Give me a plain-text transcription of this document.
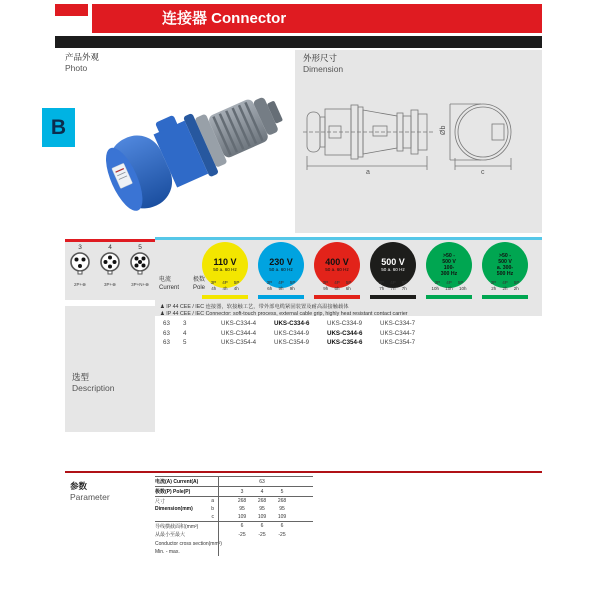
连接器 Connector
产品外观
Photo
外形尺寸
Dimension
a
Øb
c
B
3
2P+⊕
4
3P+⊕
5
3P+N+⊕
电流
Current
极数
Pole
110 V
50 a. 60 Hz
3P 4P 5P
4h 4h 4h
230 V
50 a. 60 Hz
3P 4P 5P
6h 9h 9h
400 V
50 a. 60 Hz
3P 4P 5P
9h 6h 6h
500 V
50 a. 60 Hz
3P 4P 5P
7h 7h 7h
>50 -
500 V
100-
300 Hz
3P 4P 5P
10h 10h 10h
>50 -
500 V
a. 300-
500 Hz
3P 4P 5P
2h 2h 2h
♟ IP 44 CEE / IEC 连接器，软接触工艺，带外部电缆紧固装置及耐高温接触载体
♟ IP 44 CEE / IEC Connector: soft-touch process, external cable grip, highly heat resistant contact carrier
63	3	UKS-C334-4	UKS-C334-6	UKS-C334-9	UKS-C334-7
63	4	UKS-C344-4	UKS-C344-9	UKS-C344-6	UKS-C344-7
63	5	UKS-C354-4	UKS-C354-9	UKS-C354-6	UKS-C354-7
选型
Description
参数
Parameter
电流(A) Current(A)	63
极数(P) Pole(P)	3	4	5
尺寸	a	268	268	268
Dimension(mm)	b	95	95	95
c	109	109	109
导线横截面积(mm²)	6	6	6
从最小至最大	-25	-25	-25
Conductor cross section(mm²)
Min. - max.
